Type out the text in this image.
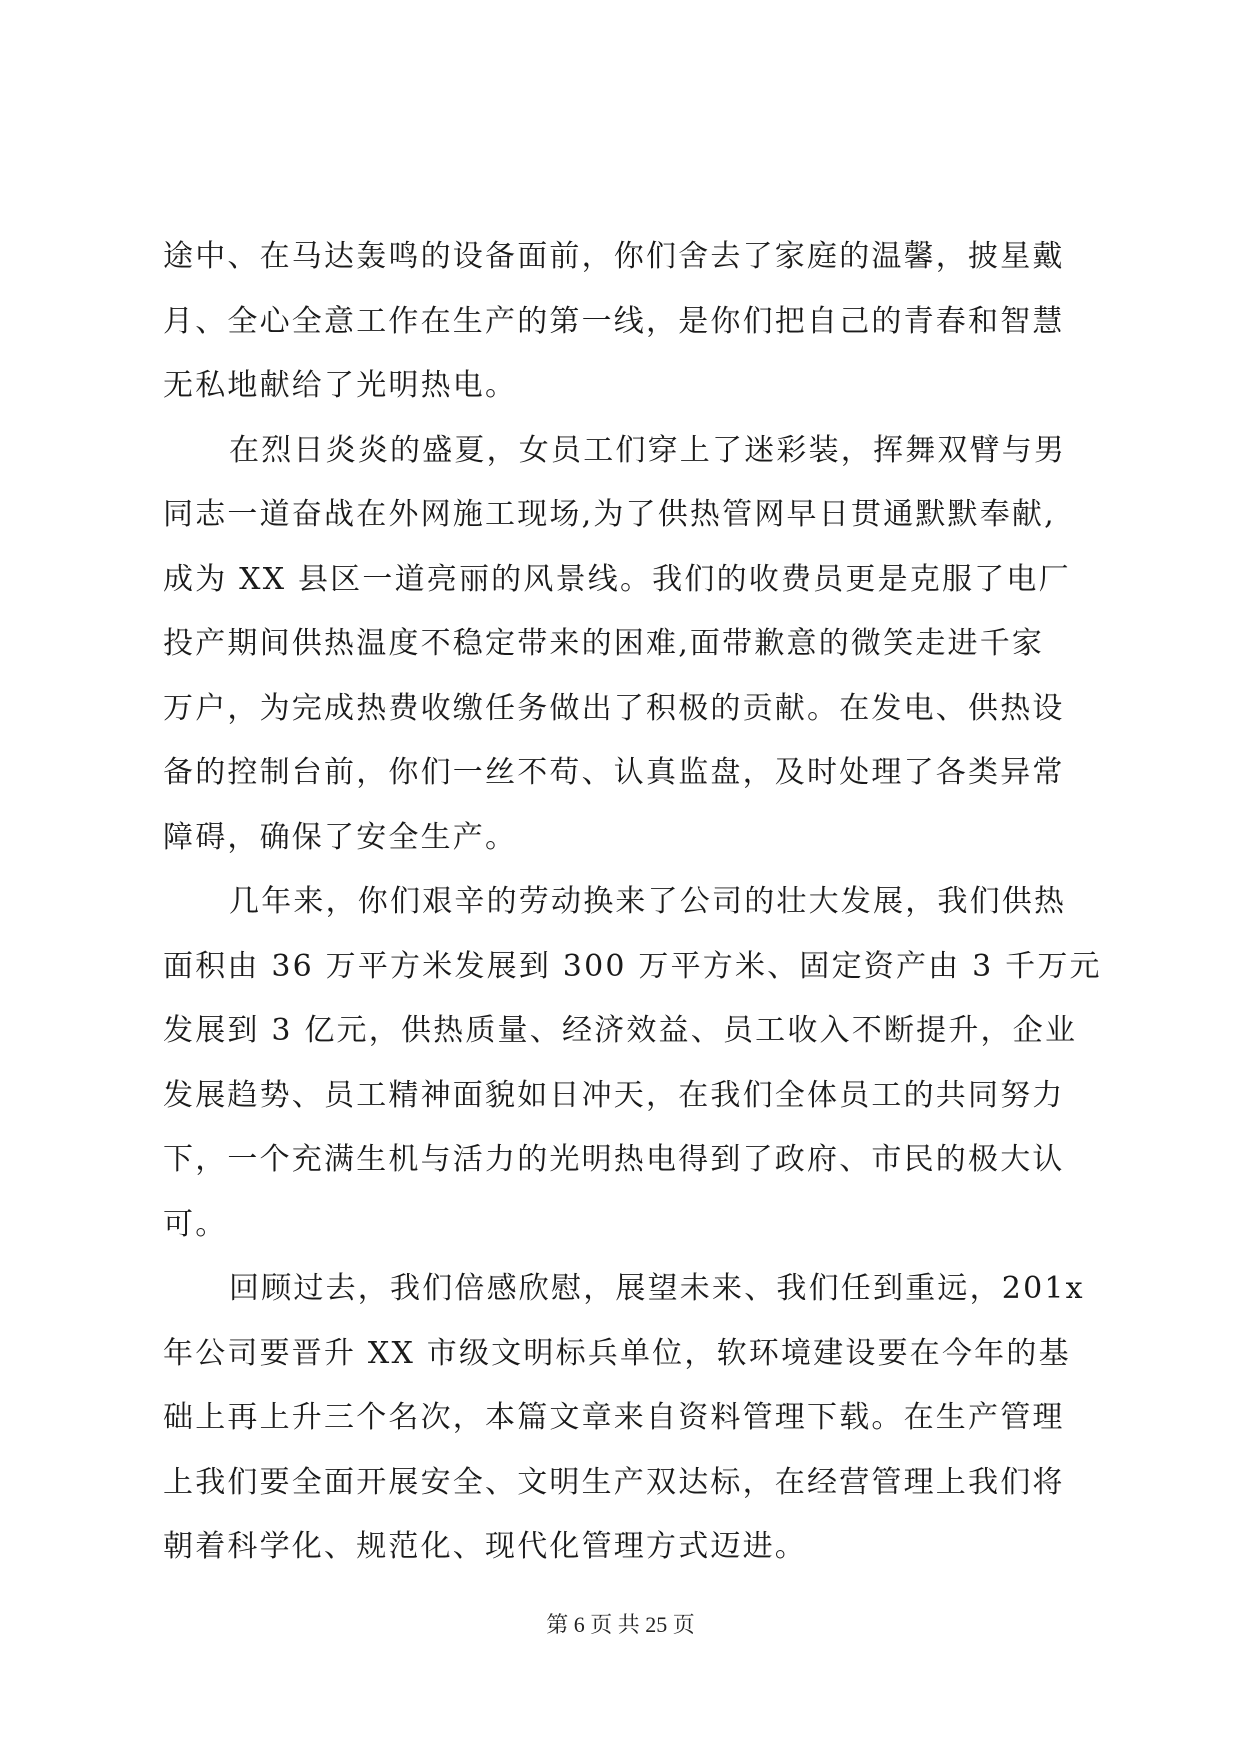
途中、在马达轰鸣的设备面前，你们舍去了家庭的温馨，披星戴
月、全心全意工作在生产的第一线，是你们把自己的青春和智慧
无私地献给了光明热电。
在烈日炎炎的盛夏，女员工们穿上了迷彩装，挥舞双臂与男
同志一道奋战在外网施工现场,为了供热管网早日贯通默默奉献,
成为 XX 县区一道亮丽的风景线。我们的收费员更是克服了电厂
投产期间供热温度不稳定带来的困难,面带歉意的微笑走进千家
万户，为完成热费收缴任务做出了积极的贡献。在发电、供热设
备的控制台前，你们一丝不苟、认真监盘，及时处理了各类异常
障碍，确保了安全生产。
几年来，你们艰辛的劳动换来了公司的壮大发展，我们供热
面积由 36 万平方米发展到 300 万平方米、固定资产由 3 千万元
发展到 3 亿元，供热质量、经济效益、员工收入不断提升，企业
发展趋势、员工精神面貌如日冲天，在我们全体员工的共同努力
下，一个充满生机与活力的光明热电得到了政府、市民的极大认
可。
回顾过去，我们倍感欣慰，展望未来、我们任到重远，201x
年公司要晋升 XX 市级文明标兵单位，软环境建设要在今年的基
础上再上升三个名次，本篇文章来自资料管理下载。在生产管理
上我们要全面开展安全、文明生产双达标，在经营管理上我们将
朝着科学化、规范化、现代化管理方式迈进。
第 6 页 共 25 页
